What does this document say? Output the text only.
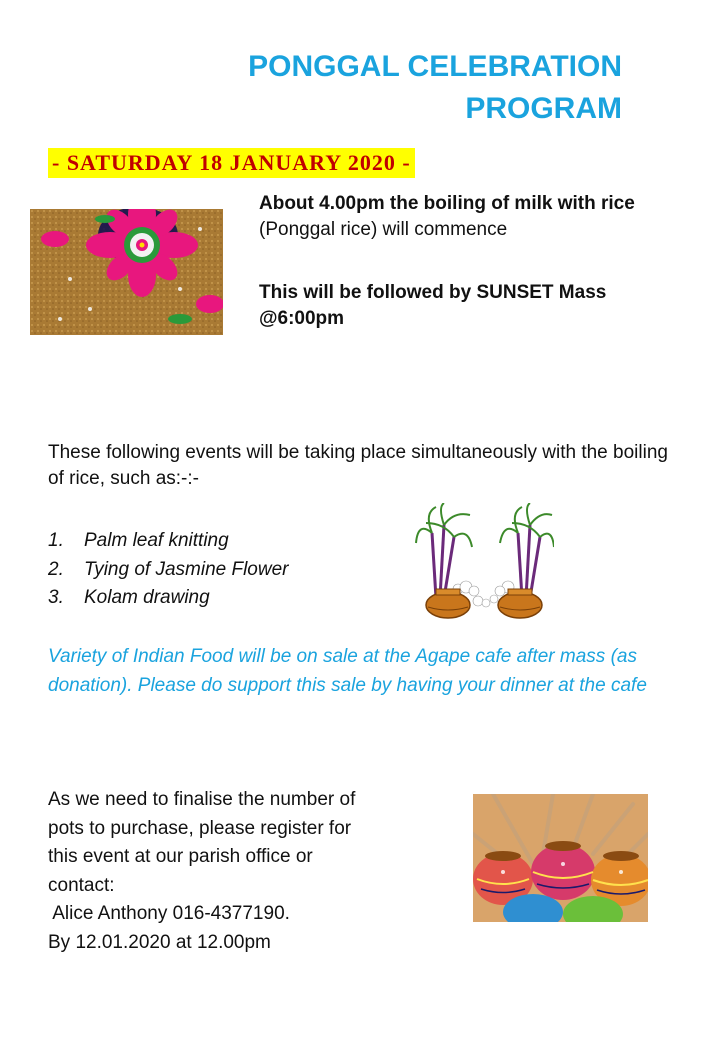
PONGGAL CELEBRATION
PROGRAM
- SATURDAY 18 JANUARY 2020 -
About 4.00pm the boiling of milk with rice (Ponggal rice) will commence
This will be followed by SUNSET Mass @6:00pm
These following events will be taking place simultaneously with the boiling of rice, such as:-:-
1. Palm leaf knitting
2. Tying of Jasmine Flower
3. Kolam drawing
Variety of Indian Food will be on sale at the Agape cafe after mass (as donation). Please do support this sale by having your dinner at the cafe
As we need to finalise the number of
pots to purchase, please register for
this event at our parish office or
contact:
Alice Anthony 016-4377190.
By 12.01.2020 at 12.00pm
